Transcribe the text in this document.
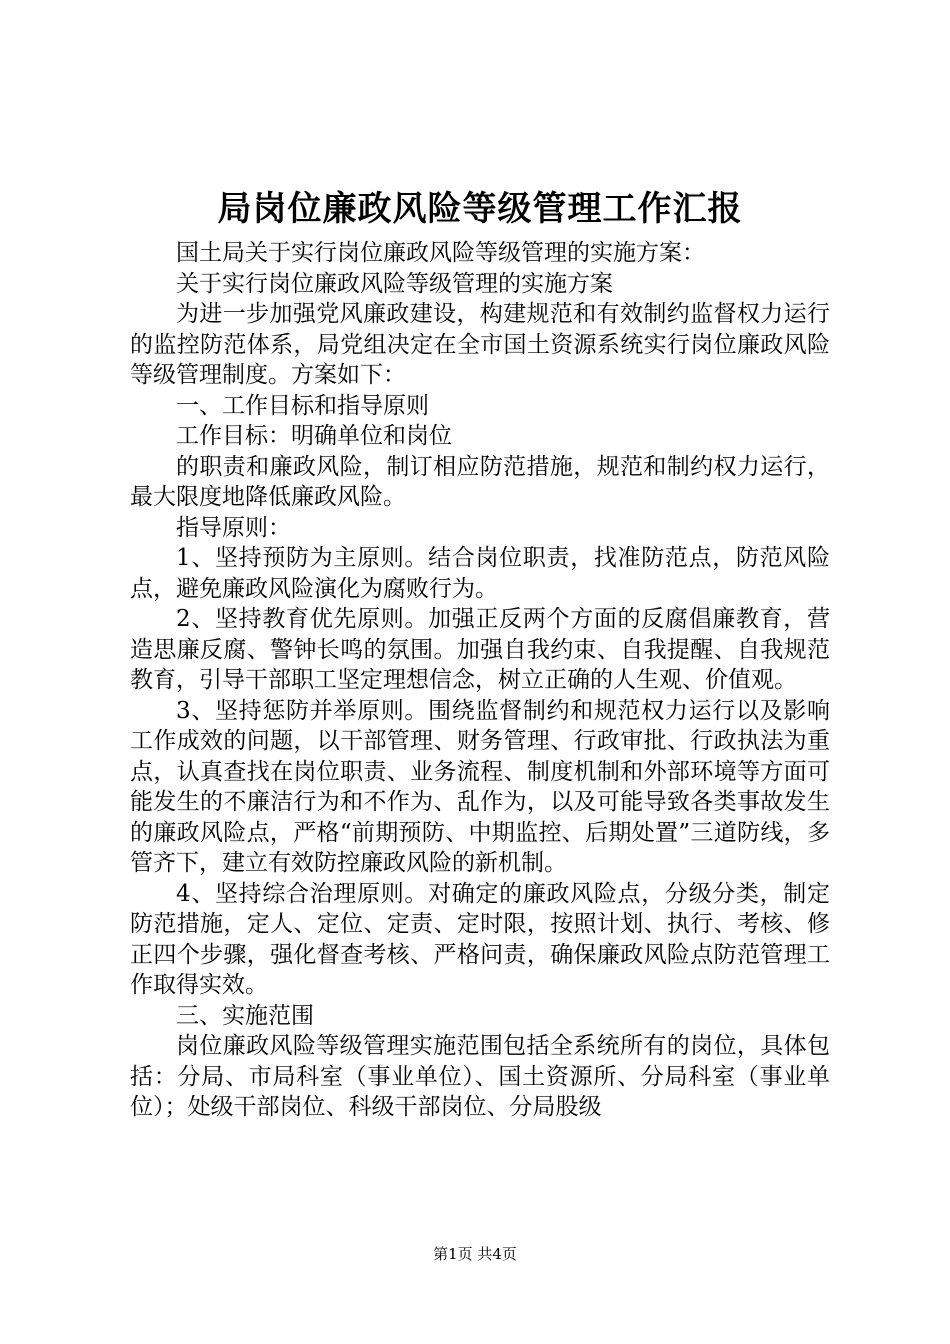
局岗位廉政风险等级管理工作汇报

国土局关于实行岗位廉政风险等级管理的实施方案：

关于实行岗位廉政风险等级管理的实施方案

为进一步加强党风廉政建设，构建规范和有效制约监督权力运行的监控防范体系，局党组决定在全市国土资源系统实行岗位廉政风险等级管理制度。方案如下：

一、工作目标和指导原则

工作目标：明确单位和岗位

的职责和廉政风险，制订相应防范措施，规范和制约权力运行，最大限度地降低廉政风险。

指导原则：

1、坚持预防为主原则。结合岗位职责，找准防范点，防范风险点，避免廉政风险演化为腐败行为。

2、坚持教育优先原则。加强正反两个方面的反腐倡廉教育，营造思廉反腐、警钟长鸣的氛围。加强自我约束、自我提醒、自我规范教育，引导干部职工坚定理想信念，树立正确的人生观、价值观。

3、坚持惩防并举原则。围绕监督制约和规范权力运行以及影响工作成效的问题，以干部管理、财务管理、行政审批、行政执法为重点，认真查找在岗位职责、业务流程、制度机制和外部环境等方面可能发生的不廉洁行为和不作为、乱作为，以及可能导致各类事故发生的廉政风险点，严格“前期预防、中期监控、后期处置”三道防线，多管齐下，建立有效防控廉政风险的新机制。

4、坚持综合治理原则。对确定的廉政风险点，分级分类，制定防范措施，定人、定位、定责、定时限，按照计划、执行、考核、修正四个步骤，强化督查考核、严格问责，确保廉政风险点防范管理工作取得实效。

三、实施范围

岗位廉政风险等级管理实施范围包括全系统所有的岗位，具体包括：分局、市局科室（事业单位）、国土资源所、分局科室（事业单位）；处级干部岗位、科级干部岗位、分局股级

第1页 共4页
